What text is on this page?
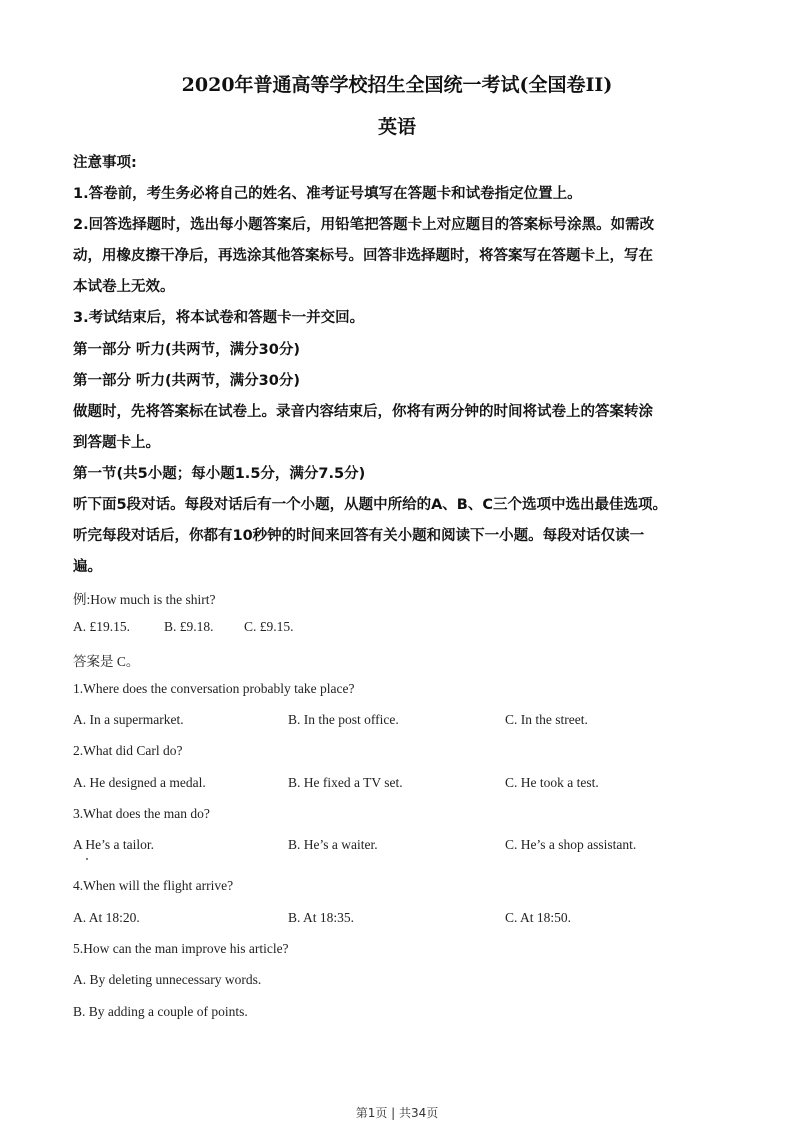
2020年普通高等学校招生全国统一考试(全国卷II)
英语
注意事项:
1.答卷前，考生务必将自己的姓名、准考证号填写在答题卡和试卷指定位置上。
2.回答选择题时，选出每小题答案后，用铅笔把答题卡上对应题目的答案标号涂黑。如需改
动，用橡皮擦干净后，再选涂其他答案标号。回答非选择题时，将答案写在答题卡上，写在
本试卷上无效。
3.考试结束后，将本试卷和答题卡一并交回。
第一部分 听力(共两节，满分30分)
第一部分 听力(共两节，满分30分)
做题时，先将答案标在试卷上。录音内容结束后，你将有两分钟的时间将试卷上的答案转涂
到答题卡上。
第一节(共5小题；每小题1.5分，满分7.5分)
听下面5段对话。每段对话后有一个小题，从题中所给的A、B、C三个选项中选出最佳选项。
听完每段对话后，你都有10秒钟的时间来回答有关小题和阅读下一小题。每段对话仅读一
遍。
例:How much is the shirt?
A. £19.15.	B. £9.18. C. £9.15.
答案是 C。
1.Where does the conversation probably take place?
A. In a supermarket.	B. In the post office.	C. In the street.
2.What did Carl do?
A. He designed a medal.	B. He fixed a TV set.	C. He took a test.
3.What does the man do?
A He’s a tailor.	B. He’s a waiter.	C. He’s a shop assistant.
4.When will the flight arrive?
A. At 18:20.	B. At 18:35.	C. At 18:50.
5.How can the man improve his article?
A. By deleting unnecessary words.
B. By adding a couple of points.
第1页 | 共34页
